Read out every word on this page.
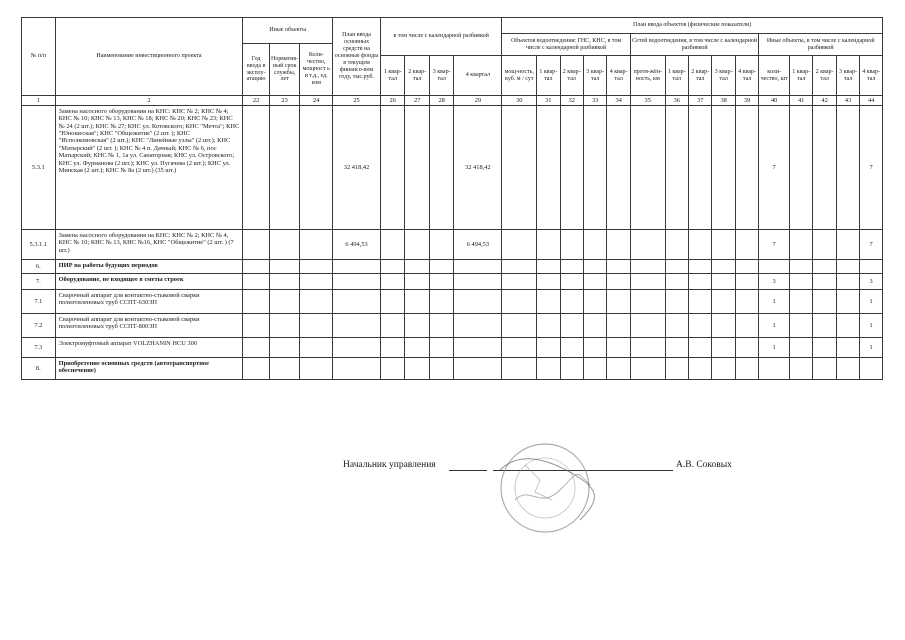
№ п/п	Наименование инвестиционного проекта	Иные объекты			План ввода основных средств на основные фонды в текущем финансо-вом году, тыс.руб.	в том числе с календарной разбивкой				План ввода объектов (физические показатели)														
										Объектов водоотведения: ГНС, КНС, в том числе с календарной разбивкой					Сетей водоотведения, в том числе с календарной разбивкой					Иные объекты, в том числе с календарной разбивкой				
		Год ввода в эксплу-атацию	Норматив-ный срок службы, лет	Коли-чество, мощност ь и т.д., ед. изм																				
						1 квар-тал	2 квар-тал	3 квар-тал	4 квартал	мощ-ность, куб. м / сут	1 квар-тал	2 квар-тал	3 квар-тал	4 квар-тал	протя-жён-ность, км	1 квар-тал	2 квар-тал	3 квар-тал	4 квар-тал	коли-чество, шт	1 квар-тал	2 квар-тал	3 квар-тал	4 квар-тал
1	2	22	23	24	25	26	27	28	29	30	31	32	33	34	35	36	37	38	39	40	41	42	43	44
5.3.1	Замена насосного оборудования на КНС: КНС № 2; КНС № 4; КНС № 10; КНС № 13, КНС № 18; КНС № 20; КНС № 23; КНС № 24 (2 шт.); КНС № 27; КНС ул. Котовского; КНС "Мечта"; КНС "Юношеская"; КНС "Общежитие" (2 шт. ); КНС "Исполкомовская" (2 шт.); КНС "Линейные узлы" (2 шт.); КНС "Матырский" (2 шт. ); КНС № 4 п. Дачный; КНС № 6, пос Матырский; КНС № 1, 1а ул. Санаторная; КНС ул. Островского; КНС ул. Фурманова (2 шт.); КНС ул. Пугачева (2 шт.); КНС ул. Минская (2 шт.); КНС № 8а (2 шт.) (35 шт.)				32 418,42				32 418,42											7				7
5.3.1.1	Замена насосного оборудования на КНС: КНС № 2; КНС № 4, КНС № 10; КНС № 13, КНС №16, КНС "Общежитие" (2 шт. ) (7 шт.)				6 494,53				6 494,53											7				7
6.	ПИР на работы будущих периодов																							
7.	Оборудование, не входящее в сметы строек																			3				3
7.1	Сварочный аппарат для контактно-стыковой сварки полиэтиленовых труб ССПТ-630ЭП																			1				1
7.2	Сварочный аппарат для контактно-стыковой сварки полиэтиленовых труб ССПТ-800ЭП																			1				1
7.3	Электромуфтовый аппарат VOLZHANIN HCU 300																			1				1
8.	Приобретение основных средств (автотранспортное обеспечение)																							
Начальник управления	А.В. Соковых
